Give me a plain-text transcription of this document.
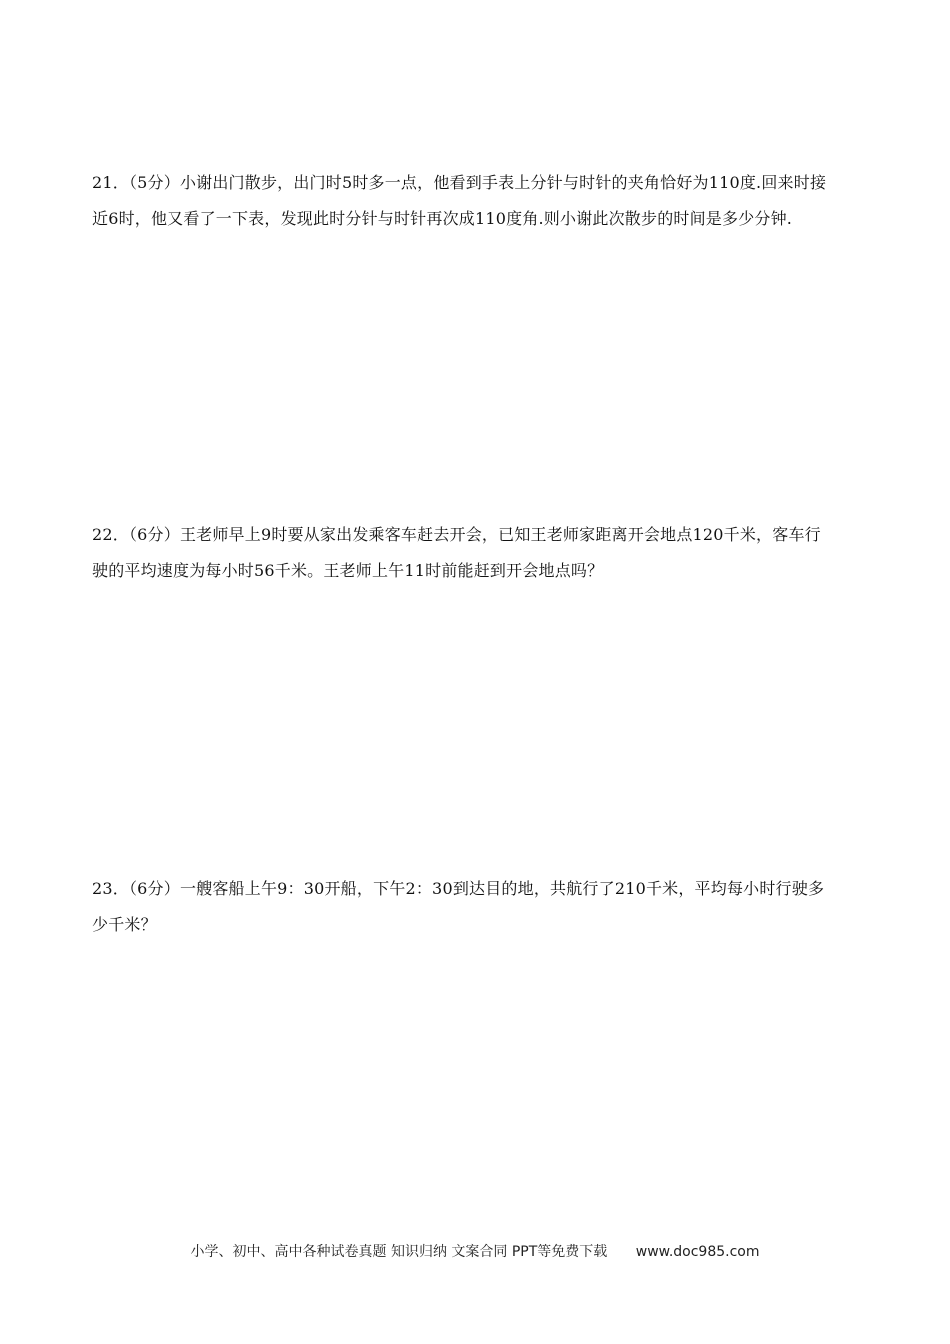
21．（5分）小谢出门散步，出门时5时多一点，他看到手表上分针与时针的夹角恰好为110度.回来时接
近6时，他又看了一下表，发现此时分针与时针再次成110度角.则小谢此次散步的时间是多少分钟.
22．（6分）王老师早上9时要从家出发乘客车赶去开会，已知王老师家距离开会地点120千米，客车行
驶的平均速度为每小时56千米。王老师上午11时前能赶到开会地点吗？
23．（6分）一艘客船上午9：30开船，下午2：30到达目的地，共航行了210千米，平均每小时行驶多
少千米？
小学、初中、高中各种试卷真题 知识归纳 文案合同 PPT等免费下载 www.doc985.com
